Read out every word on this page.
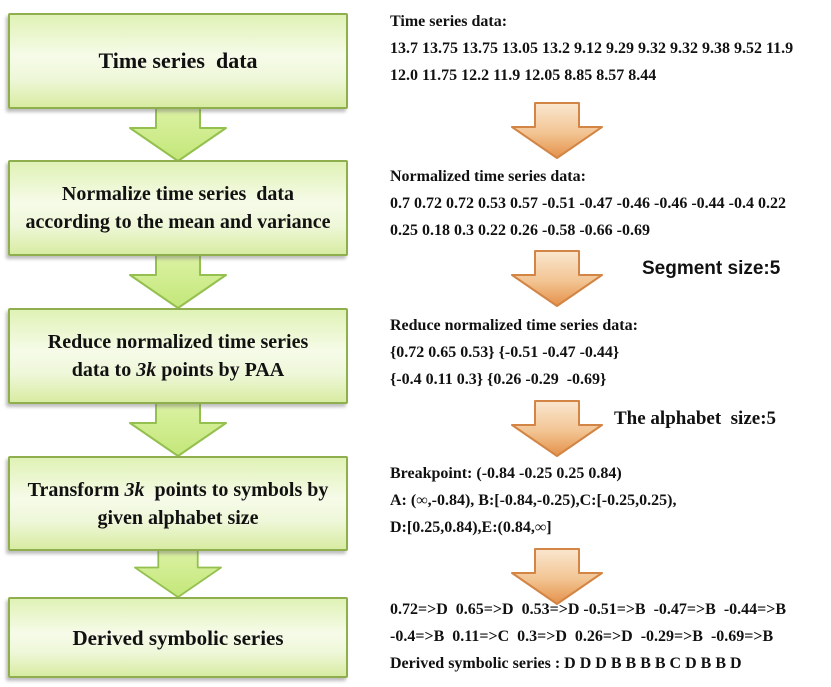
Time series  data
Normalize time series  data
according to the mean and variance
Reduce normalized time series
data to 3k points by PAA
Transform 3k  points to symbols by
given alphabet size
Derived symbolic series
Time series data:
13.7 13.75 13.75 13.05 13.2 9.12 9.29 9.32 9.32 9.38 9.52 11.9
12.0 11.75 12.2 11.9 12.05 8.85 8.57 8.44
Normalized time series data:
0.7 0.72 0.72 0.53 0.57 -0.51 -0.47 -0.46 -0.46 -0.44 -0.4 0.22
0.25 0.18 0.3 0.22 0.26 -0.58 -0.66 -0.69
Segment size:5
Reduce normalized time series data:
{0.72 0.65 0.53} {-0.51 -0.47 -0.44}
{-0.4 0.11 0.3} {0.26 -0.29  -0.69}
The alphabet  size:5
Breakpoint: (-0.84 -0.25 0.25 0.84)
A: (∞,-0.84), B:[-0.84,-0.25),C:[-0.25,0.25),
D:[0.25,0.84),E:(0.84,∞]
0.72=>D  0.65=>D  0.53=>D -0.51=>B  -0.47=>B  -0.44=>B
-0.4=>B  0.11=>C  0.3=>D  0.26=>D  -0.29=>B  -0.69=>B
Derived symbolic series : D D D B B B B C D B B D
